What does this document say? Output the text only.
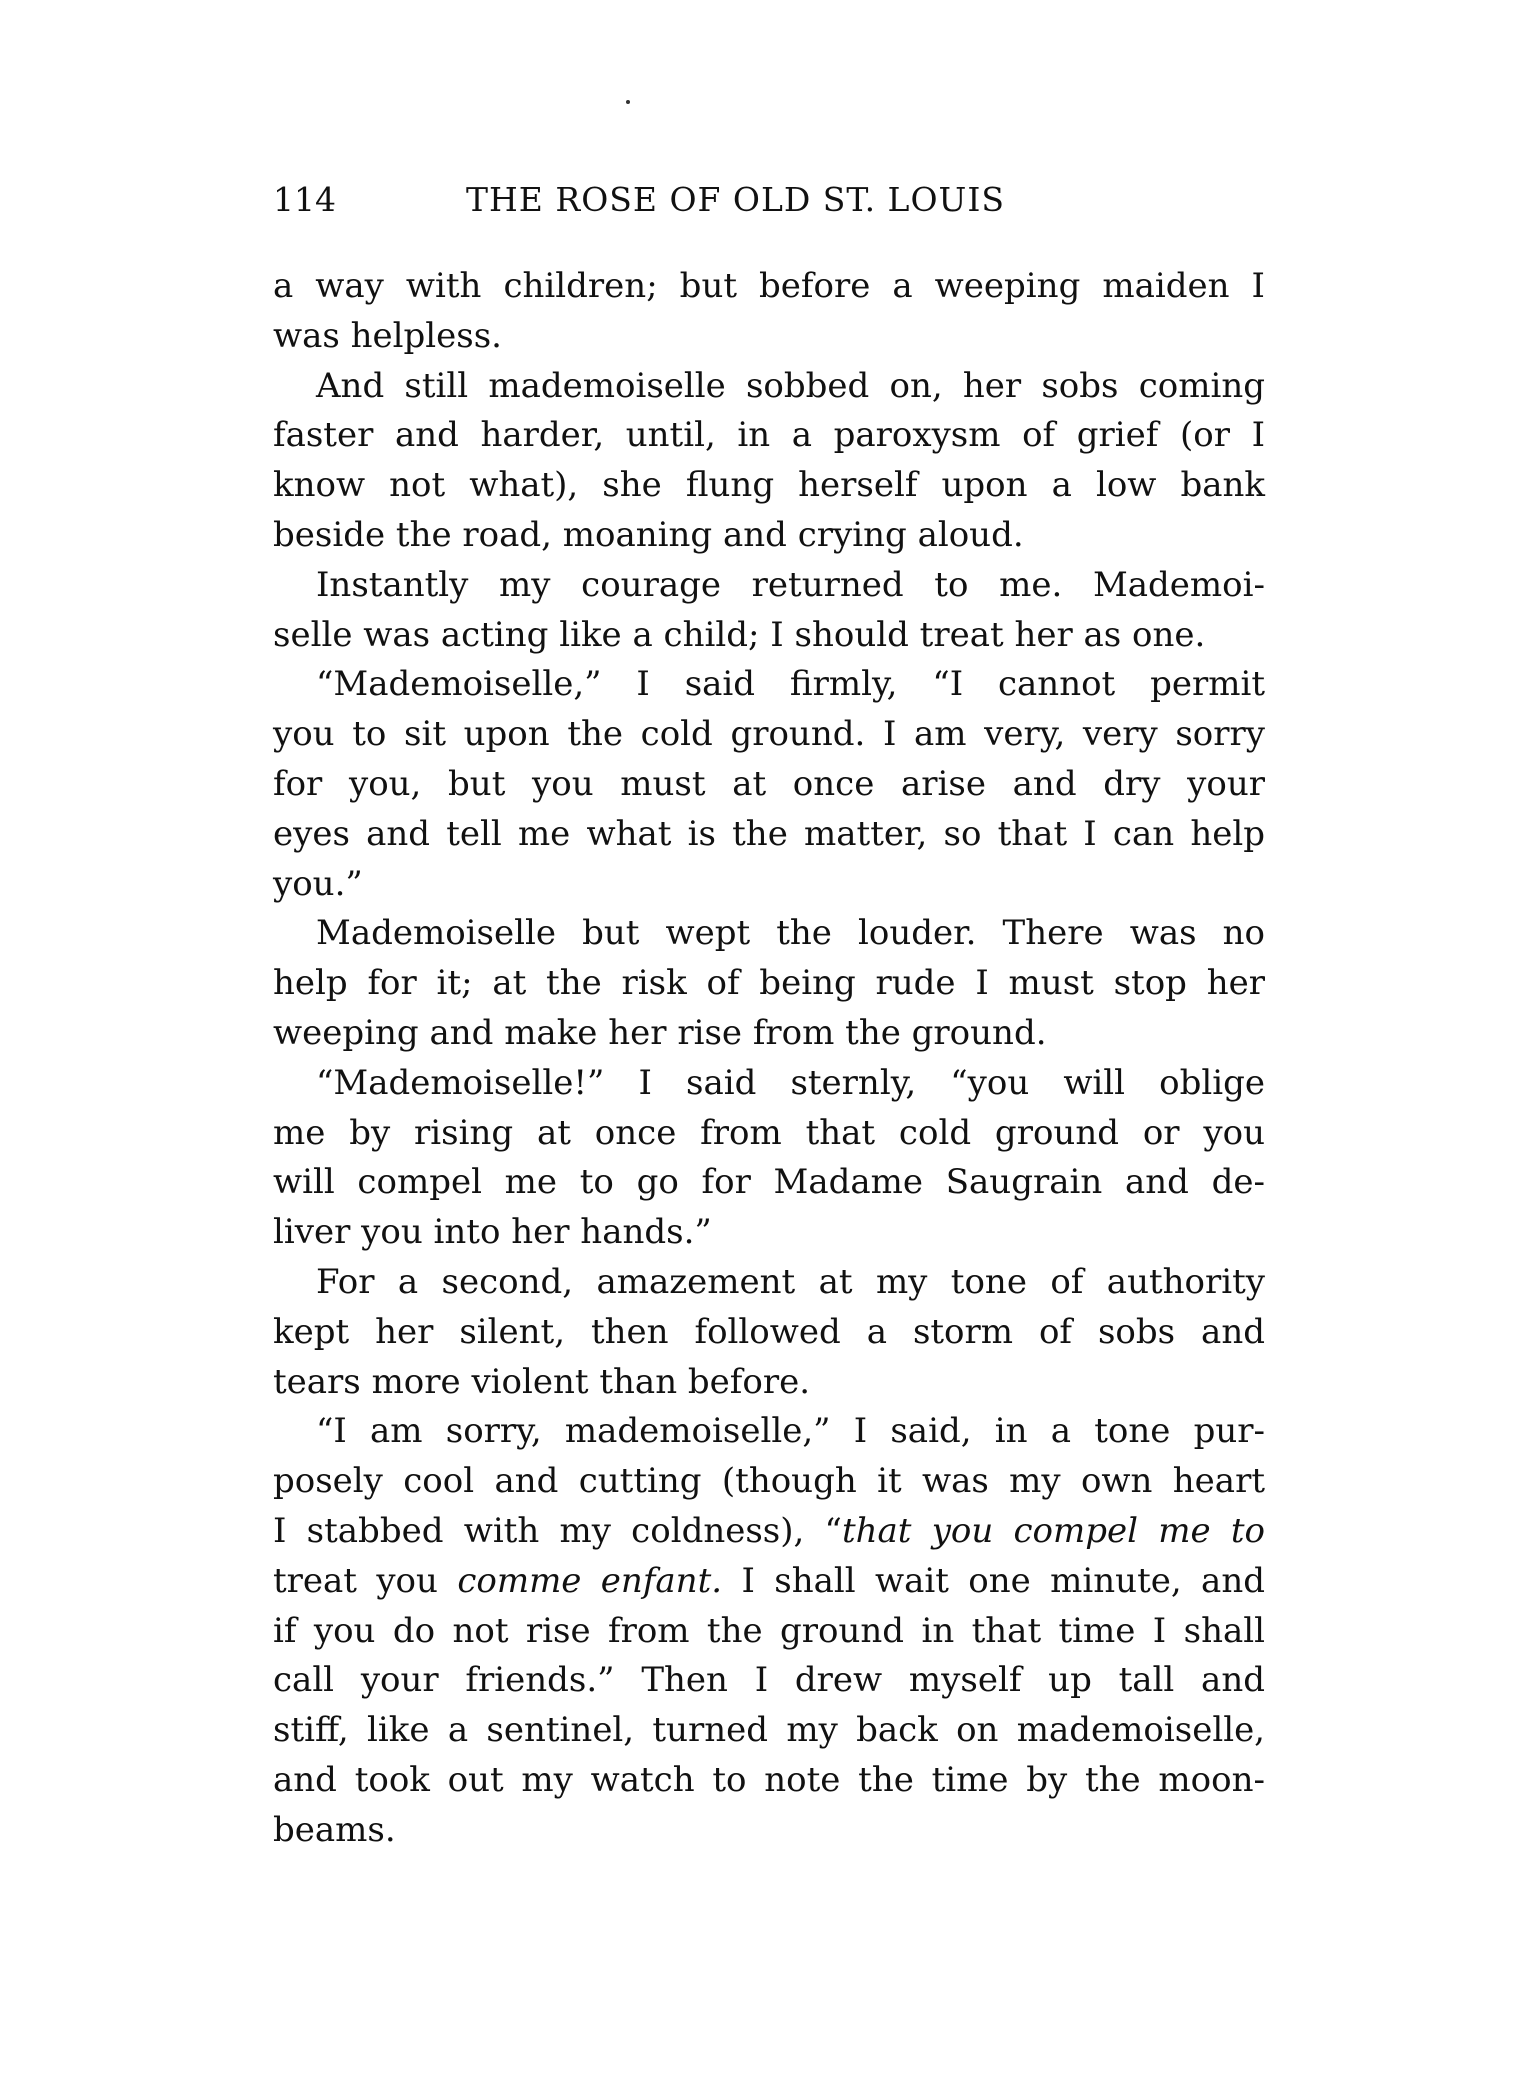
114	THE ROSE OF OLD ST. LOUIS
a way with children; but before a weeping maiden I
was helpless.
And still mademoiselle sobbed on, her sobs coming
faster and harder, until, in a paroxysm of grief (or I
know not what), she flung herself upon a low bank
beside the road, moaning and crying aloud.
Instantly my courage returned to me. Mademoi-
selle was acting like a child; I should treat her as one.
“Mademoiselle,” I said firmly, “I cannot permit
you to sit upon the cold ground. I am very, very sorry
for you, but you must at once arise and dry your
eyes and tell me what is the matter, so that I can help
you.”
Mademoiselle but wept the louder. There was no
help for it; at the risk of being rude I must stop her
weeping and make her rise from the ground.
“Mademoiselle!” I said sternly, “you will oblige
me by rising at once from that cold ground or you
will compel me to go for Madame Saugrain and de-
liver you into her hands.”
For a second, amazement at my tone of authority
kept her silent, then followed a storm of sobs and
tears more violent than before.
“I am sorry, mademoiselle,” I said, in a tone pur-
posely cool and cutting (though it was my own heart
I stabbed with my coldness), “that you compel me to
treat you comme enfant. I shall wait one minute, and
if you do not rise from the ground in that time I shall
call your friends.” Then I drew myself up tall and
stiff, like a sentinel, turned my back on mademoiselle,
and took out my watch to note the time by the moon-
beams.
